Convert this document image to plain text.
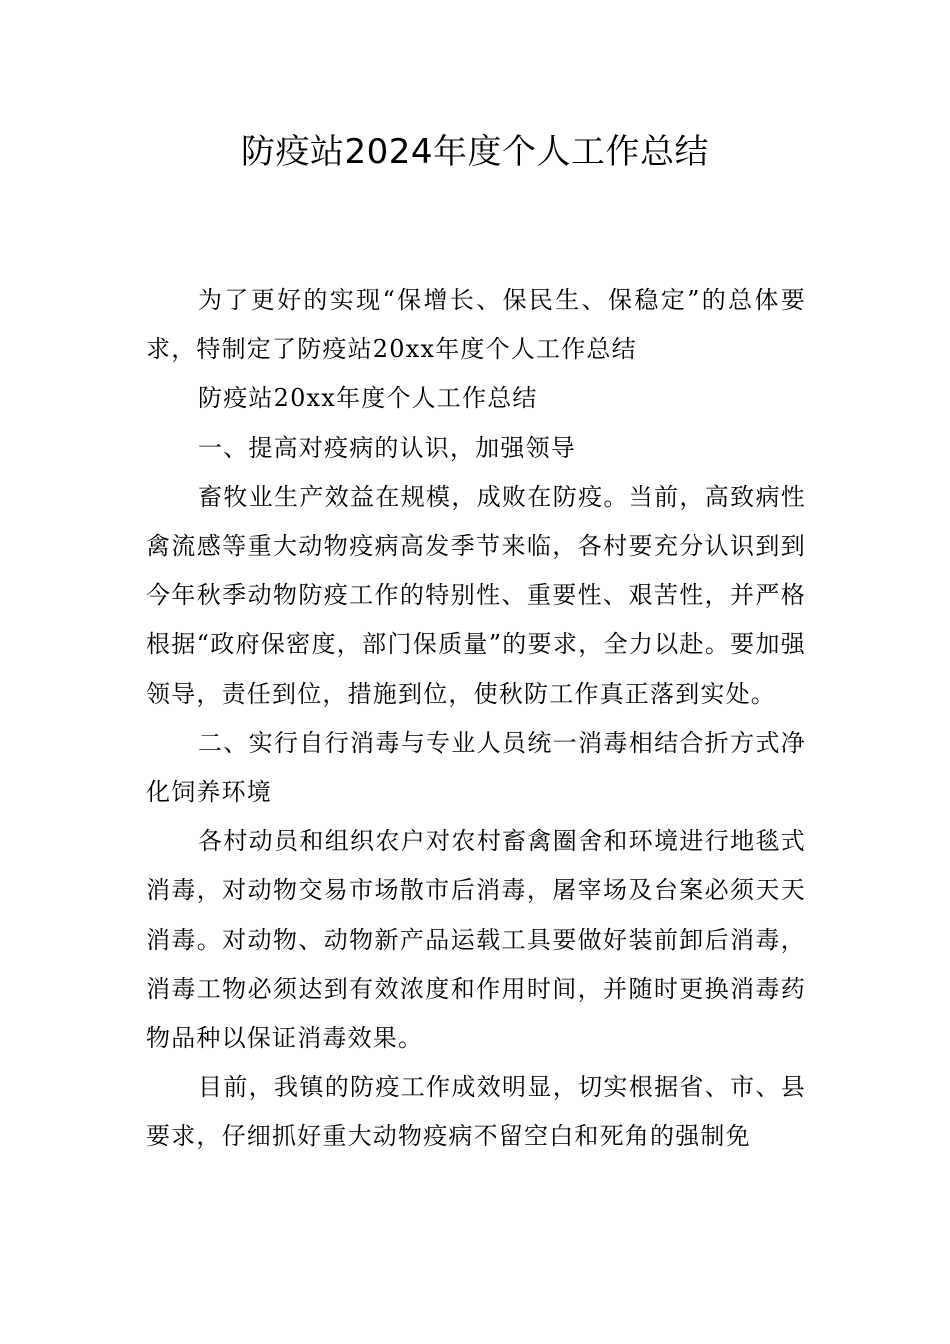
防疫站2024年度个人工作总结

为了更好的实现“保增长、保民生、保稳定”的总体要求，特制定了防疫站20xx年度个人工作总结

防疫站20xx年度个人工作总结

一、提高对疫病的认识，加强领导

畜牧业生产效益在规模，成败在防疫。当前，高致病性禽流感等重大动物疫病高发季节来临，各村要充分认识到到今年秋季动物防疫工作的特别性、重要性、艰苦性，并严格根据“政府保密度，部门保质量”的要求，全力以赴。要加强领导，责任到位，措施到位，使秋防工作真正落到实处。

二、实行自行消毒与专业人员统一消毒相结合折方式净化饲养环境

各村动员和组织农户对农村畜禽圈舍和环境进行地毯式消毒，对动物交易市场散市后消毒，屠宰场及台案必须天天消毒。对动物、动物新产品运载工具要做好装前卸后消毒，消毒工物必须达到有效浓度和作用时间，并随时更换消毒药物品种以保证消毒效果。

目前，我镇的防疫工作成效明显，切实根据省、市、县要求，仔细抓好重大动物疫病不留空白和死角的强制免
